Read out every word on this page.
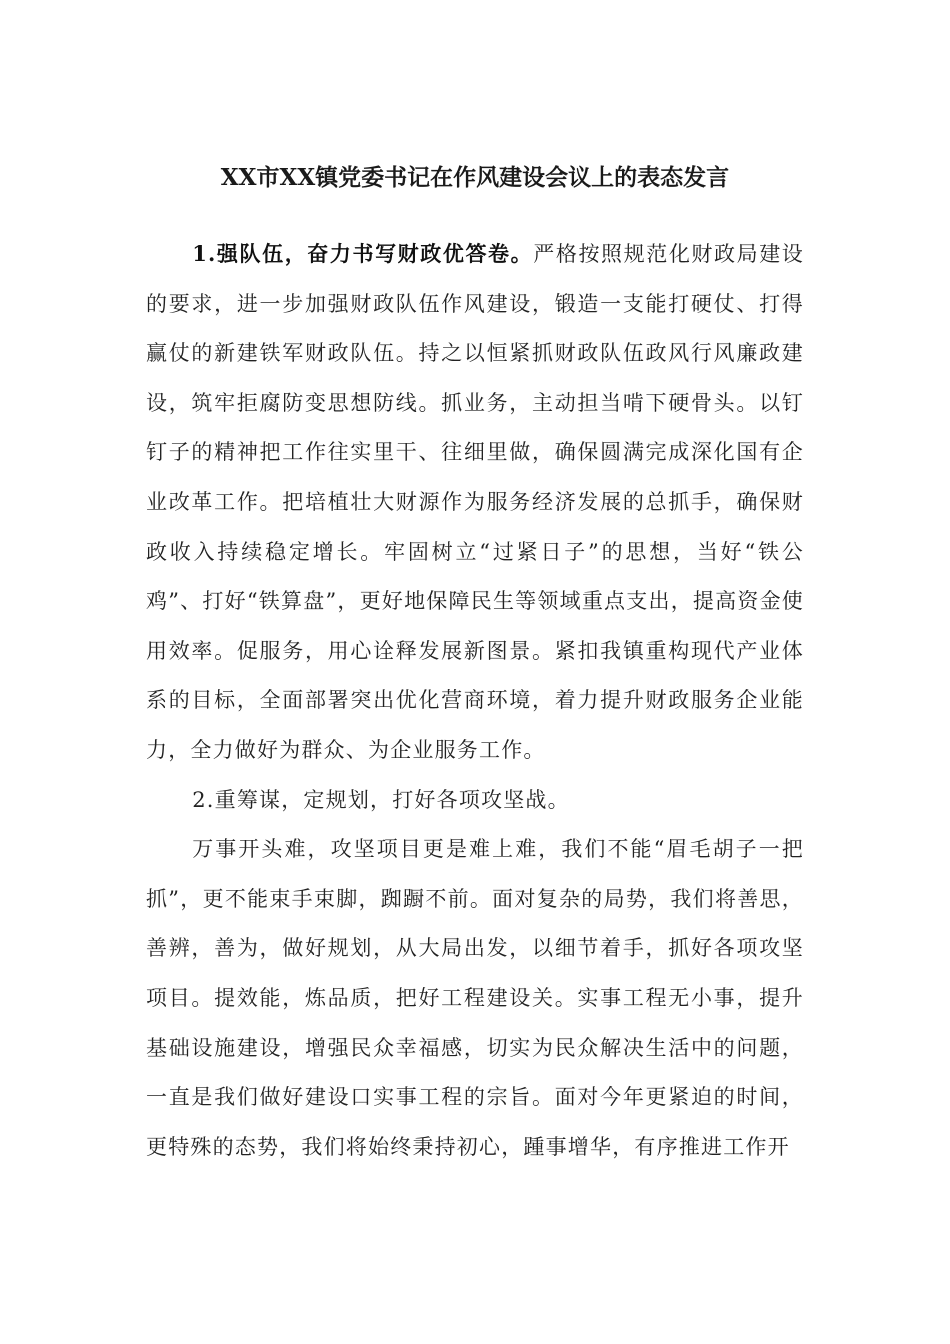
XX市XX镇党委书记在作风建设会议上的表态发言

1.强队伍，奋力书写财政优答卷。严格按照规范化财政局建设的要求，进一步加强财政队伍作风建设，锻造一支能打硬仗、打得赢仗的新建铁军财政队伍。持之以恒紧抓财政队伍政风行风廉政建设，筑牢拒腐防变思想防线。抓业务，主动担当啃下硬骨头。以钉钉子的精神把工作往实里干、往细里做，确保圆满完成深化国有企业改革工作。把培植壮大财源作为服务经济发展的总抓手，确保财政收入持续稳定增长。牢固树立“过紧日子”的思想，当好“铁公鸡”、打好“铁算盘”，更好地保障民生等领域重点支出，提高资金使用效率。促服务，用心诠释发展新图景。紧扣我镇重构现代产业体系的目标，全面部署突出优化营商环境，着力提升财政服务企业能力，全力做好为群众、为企业服务工作。

2.重筹谋，定规划，打好各项攻坚战。

万事开头难，攻坚项目更是难上难，我们不能“眉毛胡子一把抓”，更不能束手束脚，踟蹰不前。面对复杂的局势，我们将善思，善辨，善为，做好规划，从大局出发，以细节着手，抓好各项攻坚项目。提效能，炼品质，把好工程建设关。实事工程无小事，提升基础设施建设，增强民众幸福感，切实为民众解决生活中的问题，一直是我们做好建设口实事工程的宗旨。面对今年更紧迫的时间，更特殊的态势，我们将始终秉持初心，踵事增华，有序推进工作开
